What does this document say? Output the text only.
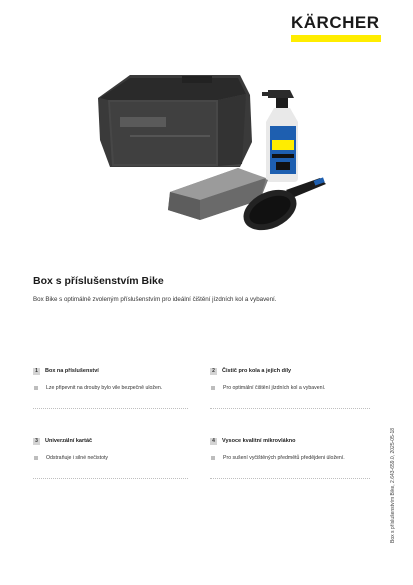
KÄRCHER
Box s příslušenstvím Bike

Box Bike s optimálně zvoleným příslušenstvím pro ideální čištění jízdních kol a vybavení.

1	Box na příslušenství
Lze připevnit na drouby bylo vile bezpečně uložen.
2	Čistič pro kola a jejich díly
Pro optimální čištění jízdních kol a vybavení.
3	Univerzální kartáč
Odstraňuje i silné nečistoty
4	Vysoce kvalitní mikrovlákno
Pro sušení vyčištěných předmětů předějdeni úložení.	Box s příslušenstvím Bike, 2.643-659.0, 2025-05-18
